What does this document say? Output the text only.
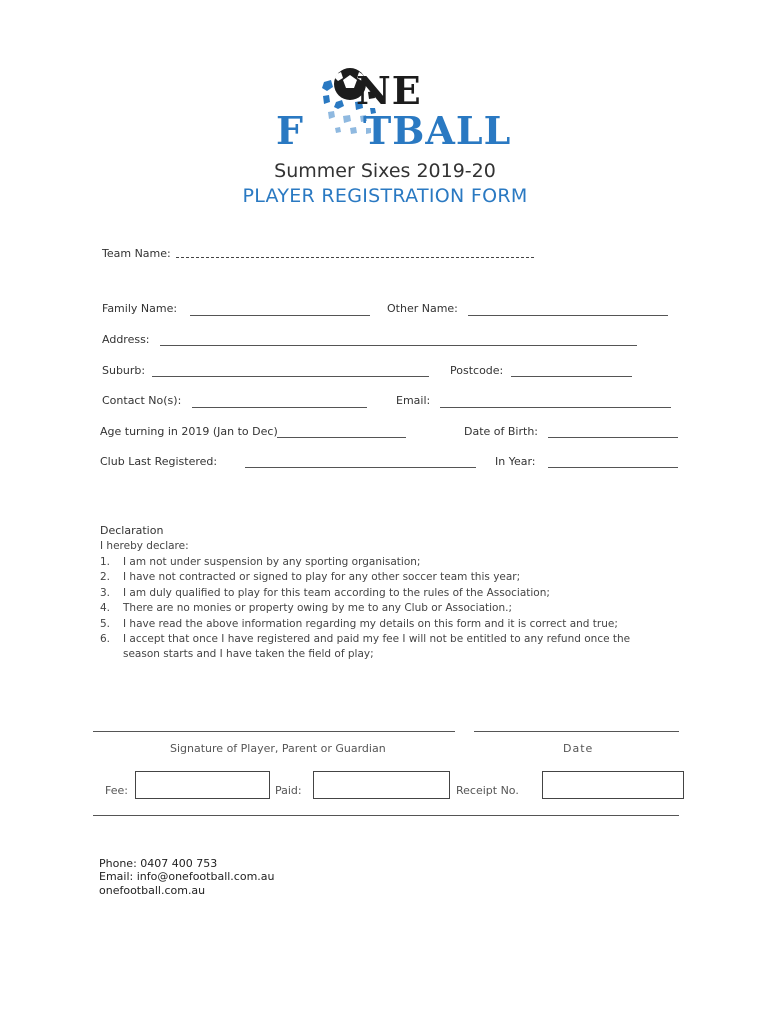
NE
F TBALL
Summer Sixes 2019-20
PLAYER REGISTRATION FORM
Team Name:
Family Name:	Other Name:
Address:
Suburb:	Postcode:
Contact No(s):	Email:
Age turning in 2019 (Jan to Dec)	Date of Birth:
Club Last Registered:	In Year:
Declaration
I hereby declare:
1. I am not under suspension by any sporting organisation;
2. I have not contracted or signed to play for any other soccer team this year;
3. I am duly qualified to play for this team according to the rules of the Association;
4. There are no monies or property owing by me to any Club or Association.;
5. I have read the above information regarding my details on this form and it is correct and true;
6. I accept that once I have registered and paid my fee I will not be entitled to any refund once the
season starts and I have taken the field of play;
Signature of Player, Parent or Guardian	Date
Fee:	Paid:	Receipt No.
Phone: 0407 400 753
Email: info@onefootball.com.au
onefootball.com.au
